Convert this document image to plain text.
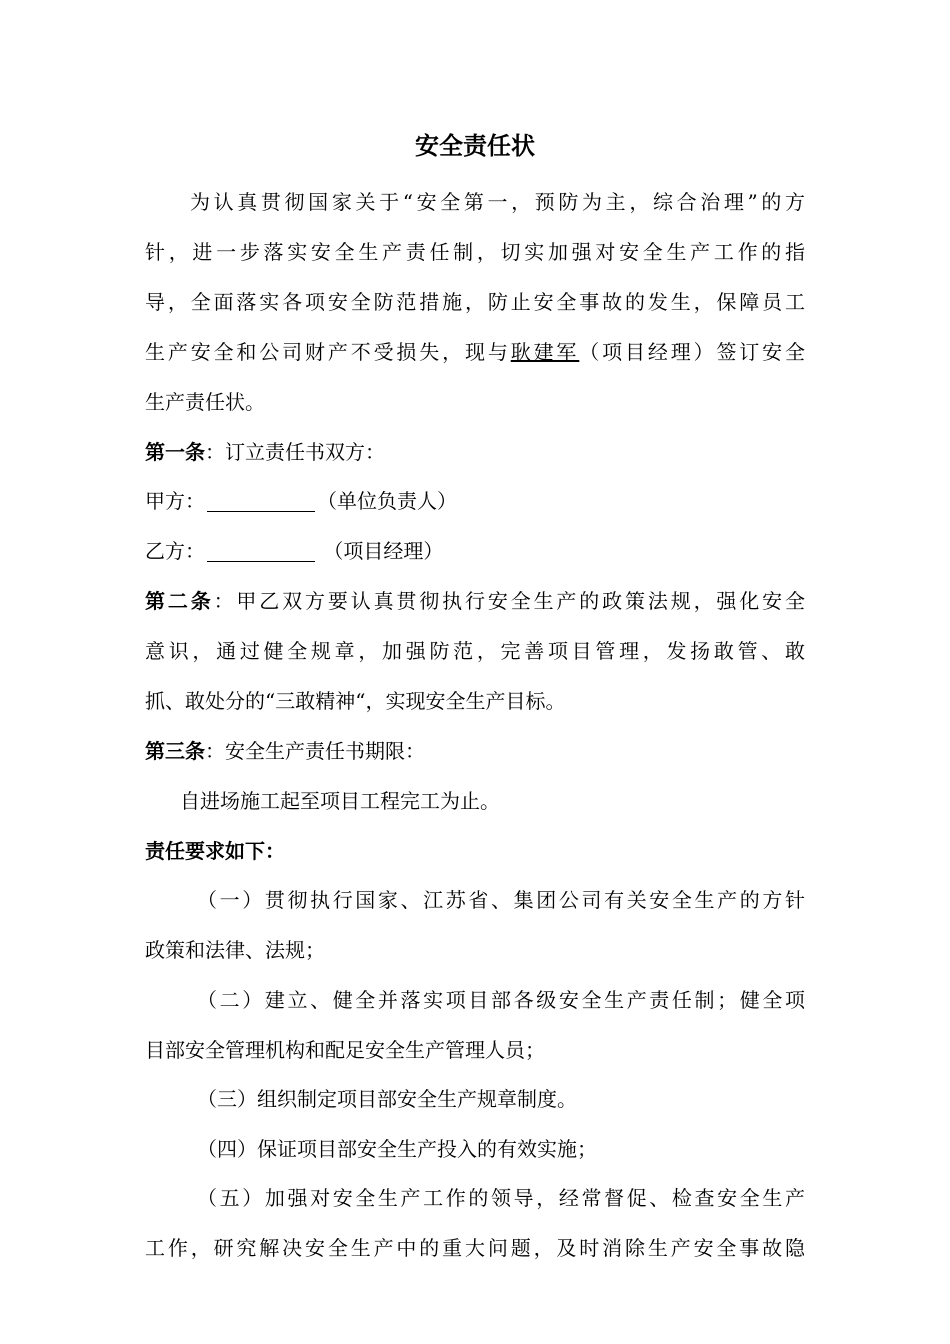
安全责任状
为认真贯彻国家关于“安全第一，预防为主，综合治理”的方
针，进一步落实安全生产责任制，切实加强对安全生产工作的指
导，全面落实各项安全防范措施，防止安全事故的发生，保障员工
生产安全和公司财产不受损失，现与耿建军（项目经理）签订安全
生产责任状。
第一条：订立责任书双方：
甲方：	（单位负责人）
乙方：	（项目经理）
第二条：甲乙双方要认真贯彻执行安全生产的政策法规，强化安全
意识，通过健全规章，加强防范，完善项目管理，发扬敢管、敢
抓、敢处分的“三敢精神“，实现安全生产目标。
第三条：安全生产责任书期限：
自进场施工起至项目工程完工为止。
责任要求如下：
（一）贯彻执行国家、江苏省、集团公司有关安全生产的方针
政策和法律、法规；
（二）建立、健全并落实项目部各级安全生产责任制；健全项
目部安全管理机构和配足安全生产管理人员；
（三）组织制定项目部安全生产规章制度。
（四）保证项目部安全生产投入的有效实施；
（五）加强对安全生产工作的领导，经常督促、检查安全生产
工作，研究解决安全生产中的重大问题，及时消除生产安全事故隐
